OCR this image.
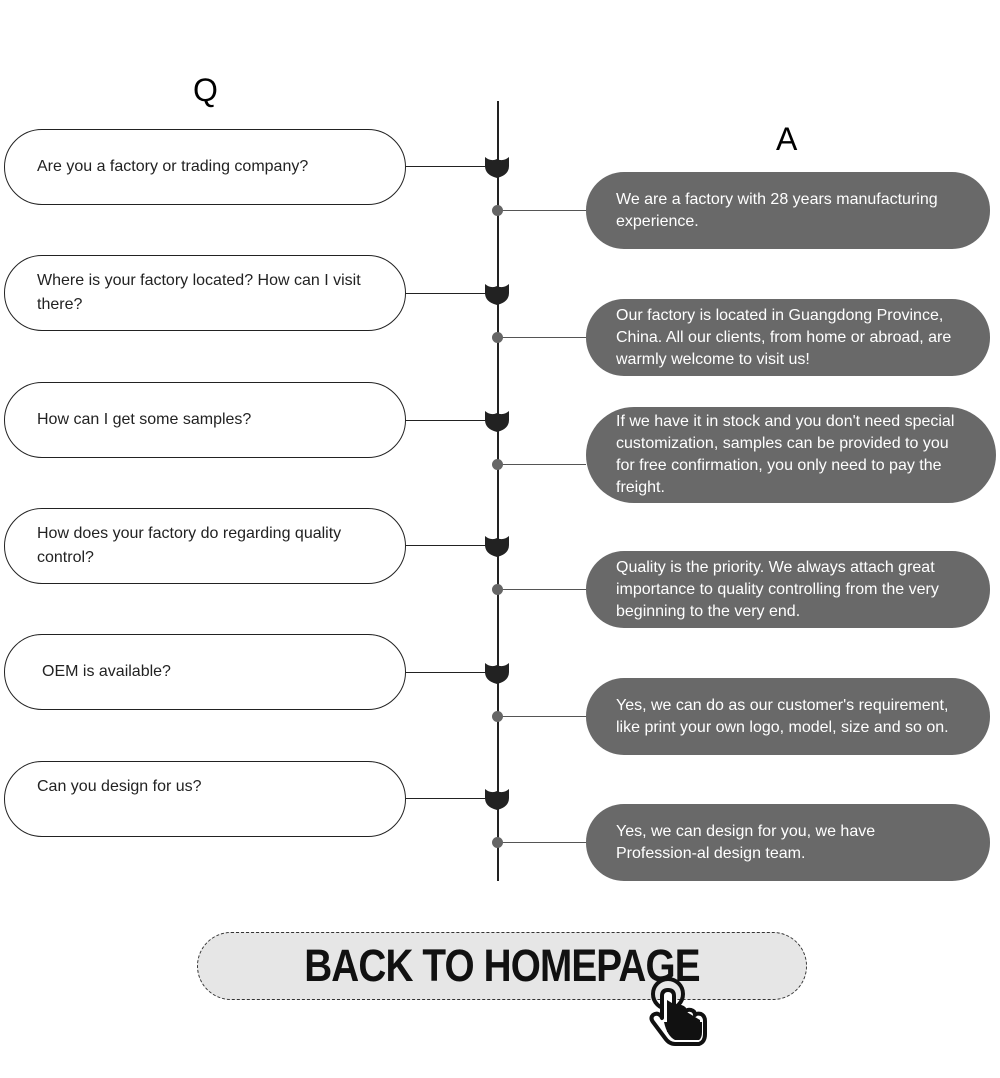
Q
A
Are you a factory or trading company?
We are a factory with 28 years manufacturing experience.
Where is your factory located? How can I visit there?
Our factory is located in Guangdong Province, China. All our clients, from home or abroad, are warmly welcome to visit us!
How can I get some samples?	If we have it in stock and you don't need special customization, samples can be provided to you for free confirmation, you only need to pay the freight.
How does your factory do regarding quality control?
Quality is the priority. We always attach great importance to quality controlling from the very beginning to the very end.
OEM is available?
Yes, we can do as our customer's requirement, like print your own logo, model, size and so on.
Can you design for us?
Yes, we can design for you, we have Profession-al design team.
BACK TO HOMEPAGE
